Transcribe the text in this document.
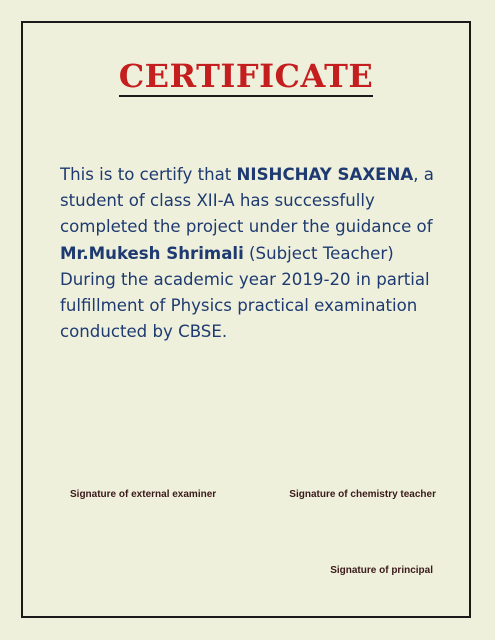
CERTIFICATE

This is to certify that NISHCHAY SAXENA, a student of class XII-A has successfully completed the project under the guidance of Mr.Mukesh Shrimali (Subject Teacher) During the academic year 2019-20 in partial fulfillment of Physics practical examination conducted by CBSE.

Signature of external examiner	Signature of chemistry teacher
Signature of principal
